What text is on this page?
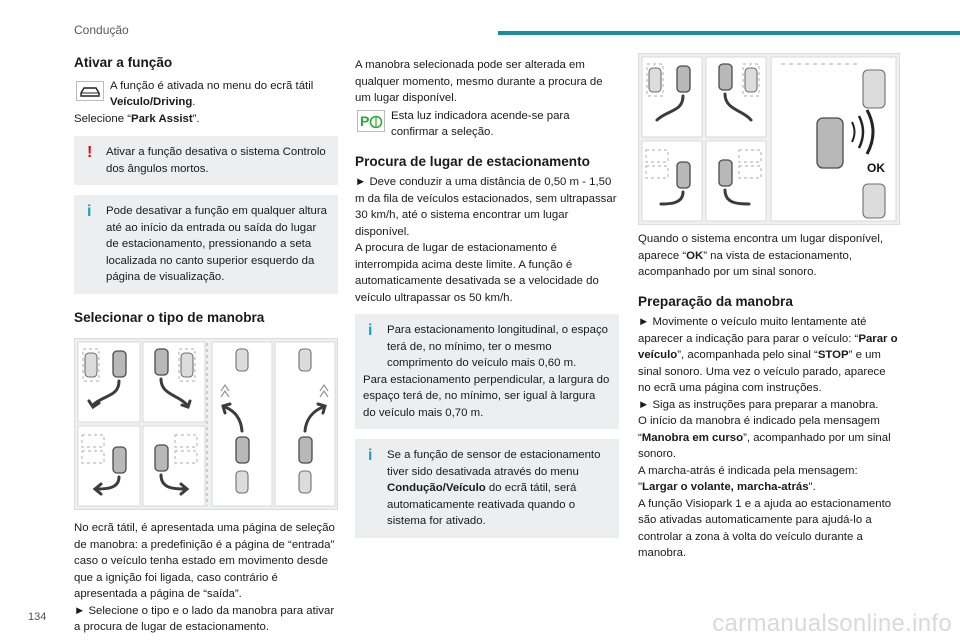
Condução
Ativar a função

A função é ativada no menu do ecrã tátil
Veículo/Driving.

Selecione “Park Assist”.

! Ativar a função desativa o sistema Controlo dos ângulos mortos.

i Pode desativar a função em qualquer altura até ao início da entrada ou saída do lugar de estacionamento, pressionando a seta localizada no canto superior esquerdo da página de visualização.

Selecionar o tipo de manobra

No ecrã tátil, é apresentada uma página de seleção de manobra: a predefinição é a página de “entrada” caso o veículo tenha estado em movimento desde que a ignição foi ligada, caso contrário é apresentada a página de “saída”.

► Selecione o tipo e o lado da manobra para ativar a procura de lugar de estacionamento.

A manobra selecionada pode ser alterada em qualquer momento, mesmo durante a procura de um lugar disponível.

P Esta luz indicadora acende-se para confirmar a seleção.

Procura de lugar de estacionamento

► Deve conduzir a uma distância de 0,50 m - 1,50 m da fila de veículos estacionados, sem ultrapassar 30 km/h, até o sistema encontrar um lugar disponível.

A procura de lugar de estacionamento é interrompida acima deste limite. A função é automaticamente desativada se a velocidade do veículo ultrapassar os 50 km/h.

i Para estacionamento longitudinal, o espaço terá de, no mínimo, ter o mesmo comprimento do veículo mais 0,60 m.

Para estacionamento perpendicular, a largura do espaço terá de, no mínimo, ser igual à largura do veículo mais 0,70 m.

i Se a função de sensor de estacionamento tiver sido desativada através do menu Condução/Veículo do ecrã tátil, será automaticamente reativada quando o sistema for ativado.

OK

Quando o sistema encontra um lugar disponível, aparece “OK” na vista de estacionamento, acompanhado por um sinal sonoro.

Preparação da manobra

► Movimente o veículo muito lentamente até aparecer a indicação para parar o veículo: “Parar o veículo”, acompanhada pelo sinal “STOP” e um sinal sonoro. Uma vez o veículo parado, aparece no ecrã uma página com instruções.

► Siga as instruções para preparar a manobra.

O início da manobra é indicado pela mensagem “Manobra em curso”, acompanhado por um sinal sonoro.

A marcha-atrás é indicada pela mensagem: "Largar o volante, marcha-atrás".

A função Visiopark 1 e a ajuda ao estacionamento são ativadas automaticamente para ajudá-lo a controlar a zona à volta do veículo durante a manobra.

134	carmanualsonline.info
